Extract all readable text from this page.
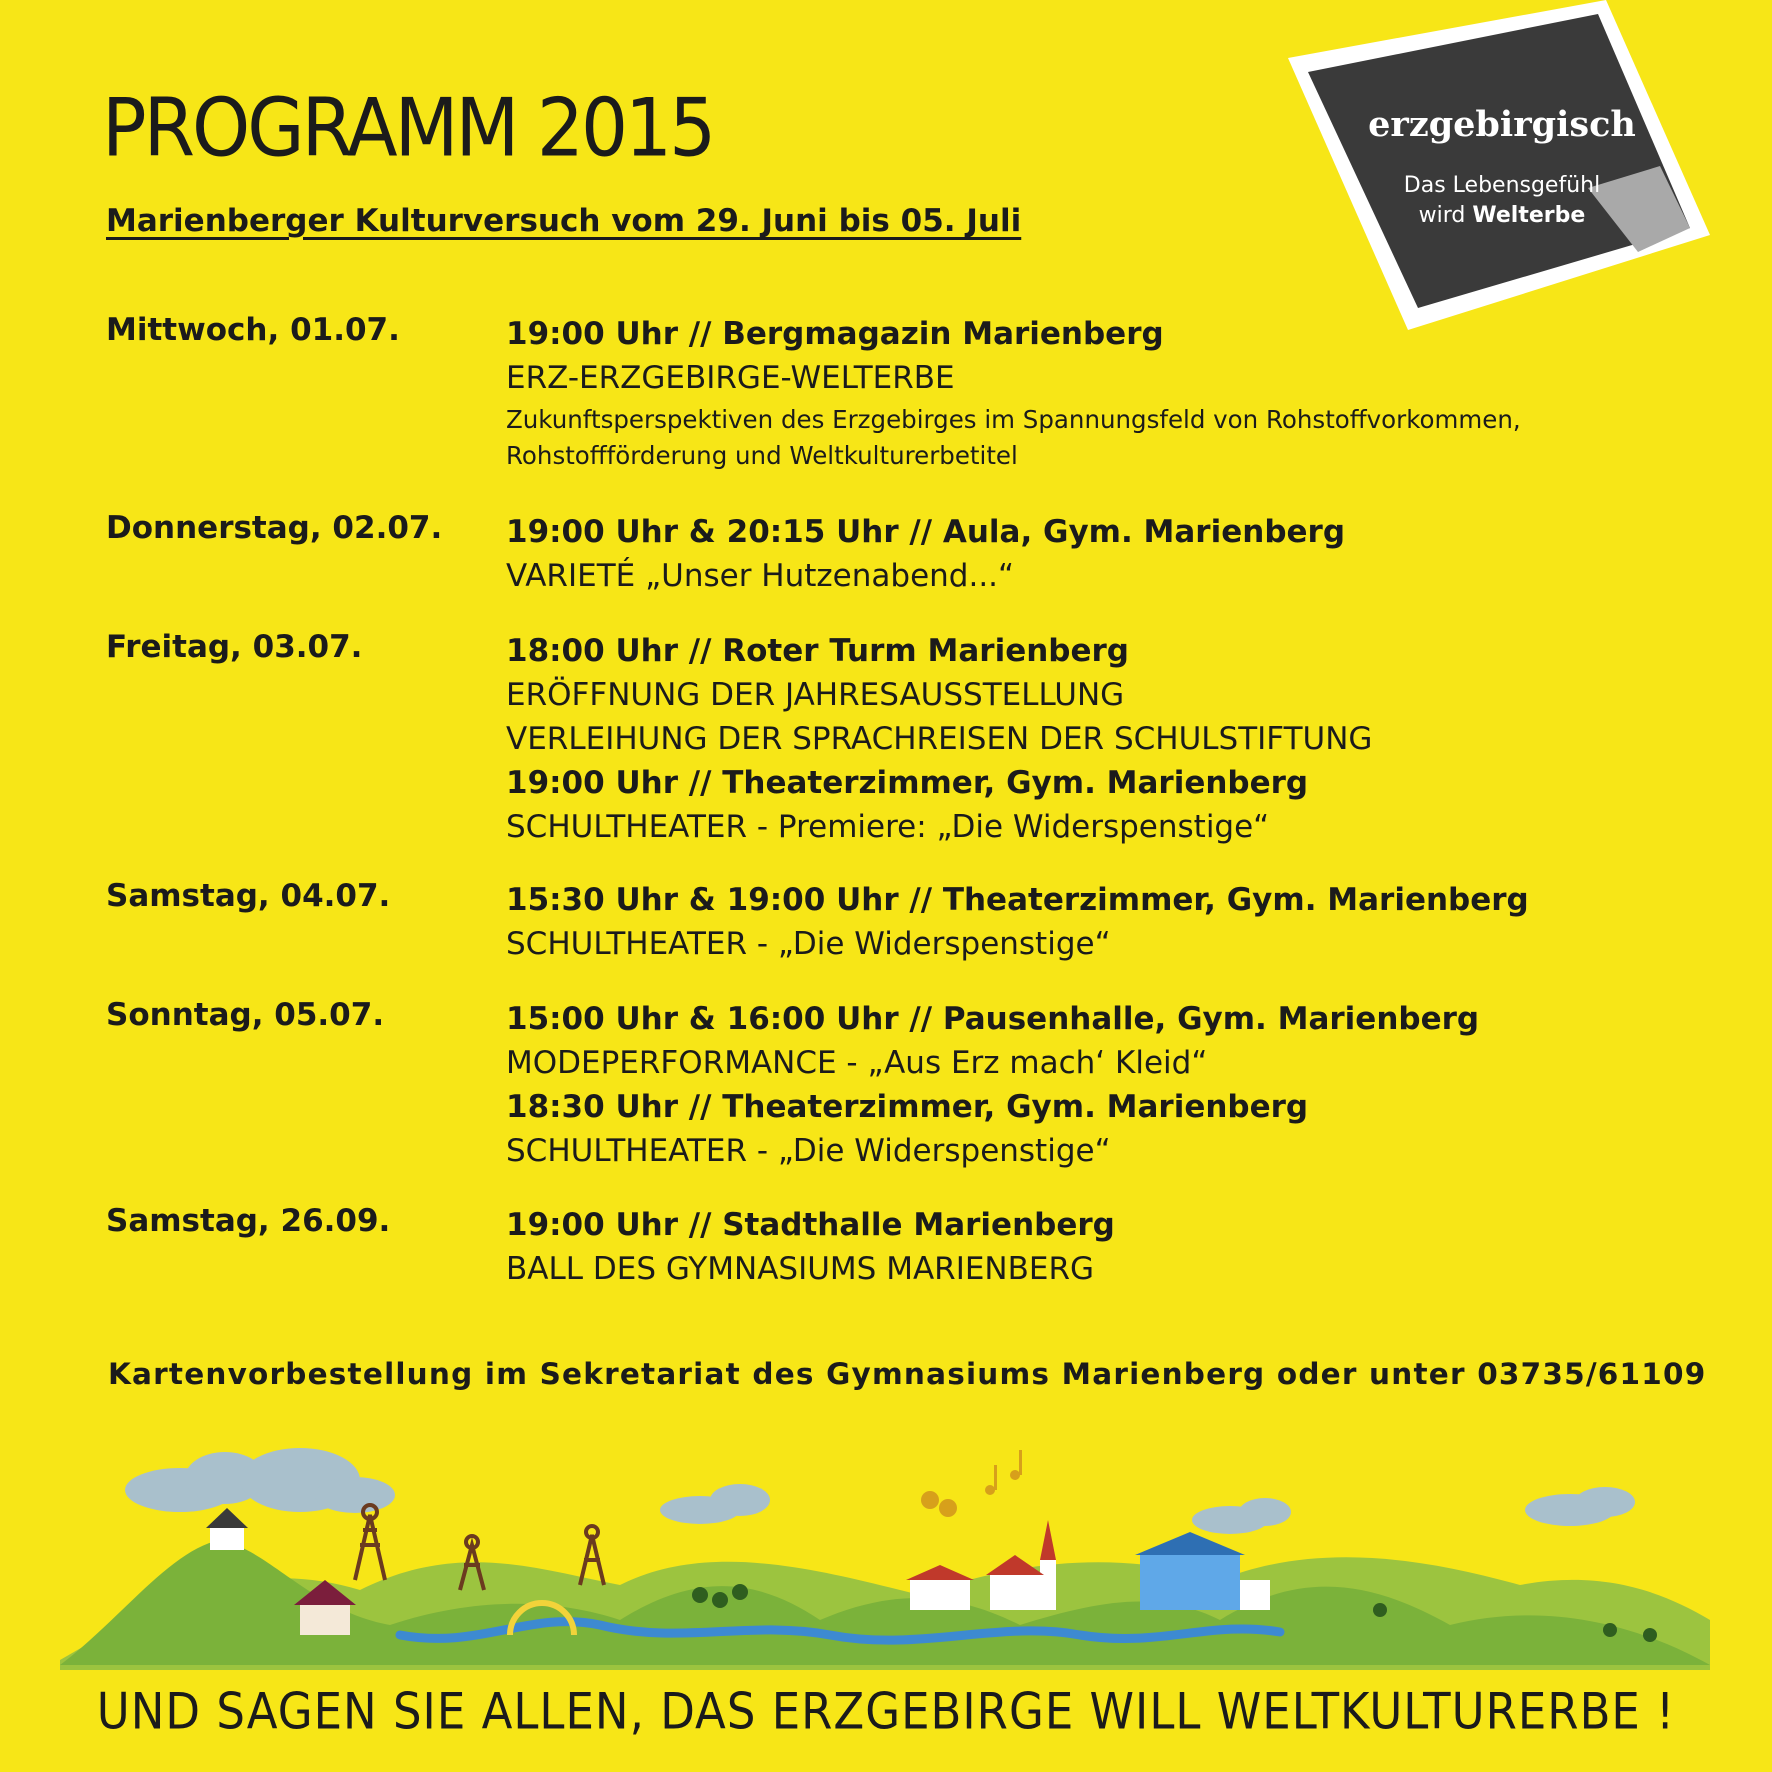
PROGRAMM 2015
Marienberger Kulturversuch vom 29. Juni bis 05. Juli
erzgebirgisch
Das Lebensgefühl
wird Welterbe
Mittwoch, 01.07.	19:00 Uhr // Bergmagazin Marienberg
ERZ-ERZGEBIRGE-WELTERBE
Zukunftsperspektiven des Erzgebirges im Spannungsfeld von Rohstoffvorkommen,
Rohstoffförderung und Weltkulturerbetitel
Donnerstag, 02.07. 19:00 Uhr & 20:15 Uhr // Aula, Gym. Marienberg
VARIETÉ „Unser Hutzenabend...“
Freitag, 03.07.	18:00 Uhr // Roter Turm Marienberg
ERÖFFNUNG DER JAHRESAUSSTELLUNG
VERLEIHUNG DER SPRACHREISEN DER SCHULSTIFTUNG
19:00 Uhr // Theaterzimmer, Gym. Marienberg
SCHULTHEATER - Premiere: „Die Widerspenstige“
Samstag, 04.07.	15:30 Uhr & 19:00 Uhr // Theaterzimmer, Gym. Marienberg
SCHULTHEATER - „Die Widerspenstige“
Sonntag, 05.07.	15:00 Uhr & 16:00 Uhr // Pausenhalle, Gym. Marienberg
MODEPERFORMANCE - „Aus Erz mach‘ Kleid“
18:30 Uhr // Theaterzimmer, Gym. Marienberg
SCHULTHEATER - „Die Widerspenstige“
Samstag, 26.09.	19:00 Uhr // Stadthalle Marienberg
BALL DES GYMNASIUMS MARIENBERG
Kartenvorbestellung im Sekretariat des Gymnasiums Marienberg oder unter 03735/61109
UND SAGEN SIE ALLEN, DAS ERZGEBIRGE WILL WELTKULTURERBE !
